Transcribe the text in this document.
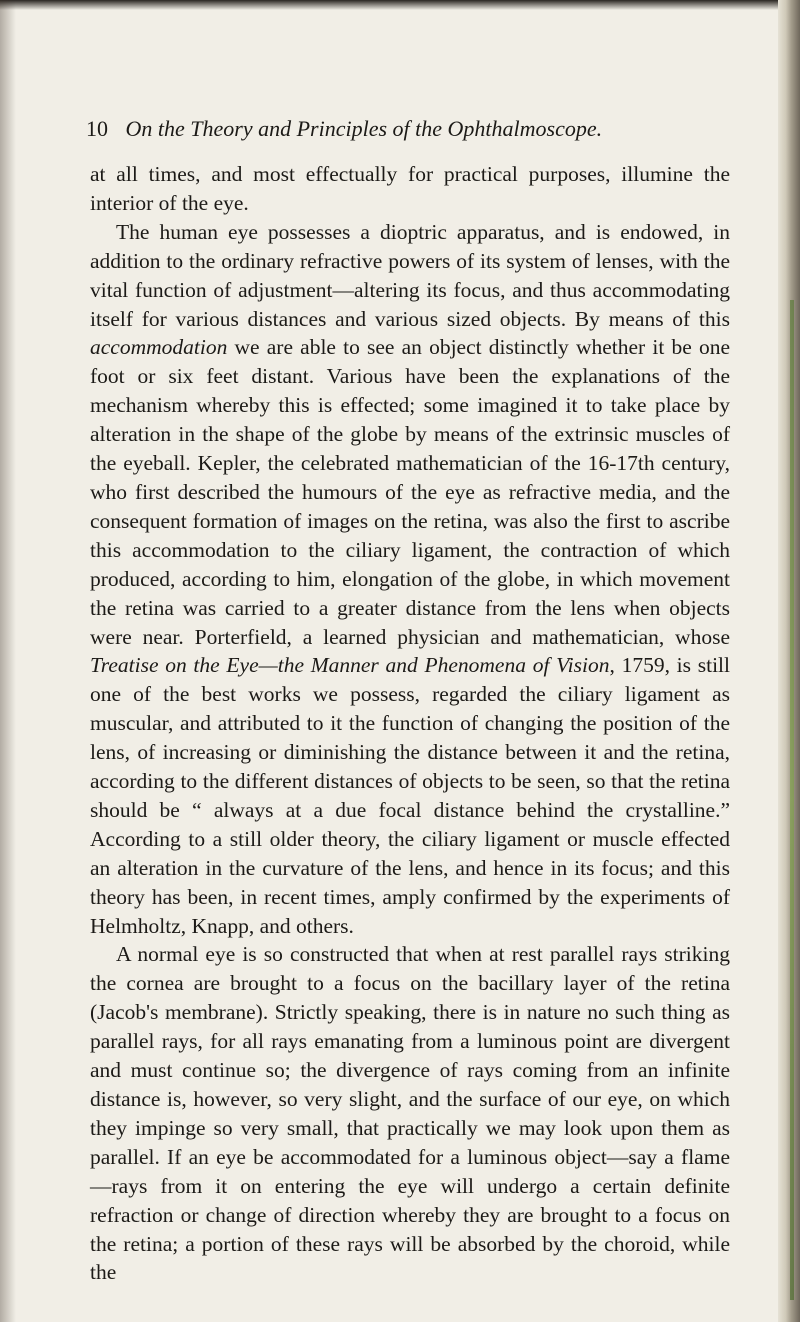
10 On the Theory and Principles of the Ophthalmoscope.

at all times, and most effectually for practical purposes, illumine the interior of the eye.

The human eye possesses a dioptric apparatus, and is endowed, in addition to the ordinary refractive powers of its system of lenses, with the vital function of adjustment—altering its focus, and thus accommodating itself for various distances and various sized objects. By means of this accommodation we are able to see an object distinctly whether it be one foot or six feet distant. Various have been the explanations of the mechanism whereby this is effected; some imagined it to take place by alteration in the shape of the globe by means of the extrinsic muscles of the eyeball. Kepler, the celebrated mathematician of the 16-17th century, who first described the humours of the eye as refractive media, and the consequent formation of images on the retina, was also the first to ascribe this accommodation to the ciliary ligament, the contraction of which produced, according to him, elongation of the globe, in which movement the retina was carried to a greater distance from the lens when objects were near. Porterfield, a learned physician and mathematician, whose Treatise on the Eye—the Manner and Phenomena of Vision, 1759, is still one of the best works we possess, regarded the ciliary ligament as muscular, and attributed to it the function of changing the position of the lens, of increasing or diminishing the distance between it and the retina, according to the different distances of objects to be seen, so that the retina should be “ always at a due focal distance behind the crystalline.” According to a still older theory, the ciliary ligament or muscle effected an alteration in the curvature of the lens, and hence in its focus; and this theory has been, in recent times, amply confirmed by the experiments of Helmholtz, Knapp, and others.

A normal eye is so constructed that when at rest parallel rays striking the cornea are brought to a focus on the bacillary layer of the retina (Jacob's membrane). Strictly speaking, there is in nature no such thing as parallel rays, for all rays emanating from a luminous point are divergent and must continue so; the divergence of rays coming from an infinite distance is, however, so very slight, and the surface of our eye, on which they impinge so very small, that practically we may look upon them as parallel. If an eye be accommodated for a luminous object—say a flame—rays from it on entering the eye will undergo a certain definite refraction or change of direction whereby they are brought to a focus on the retina; a portion of these rays will be absorbed by the choroid, while the
